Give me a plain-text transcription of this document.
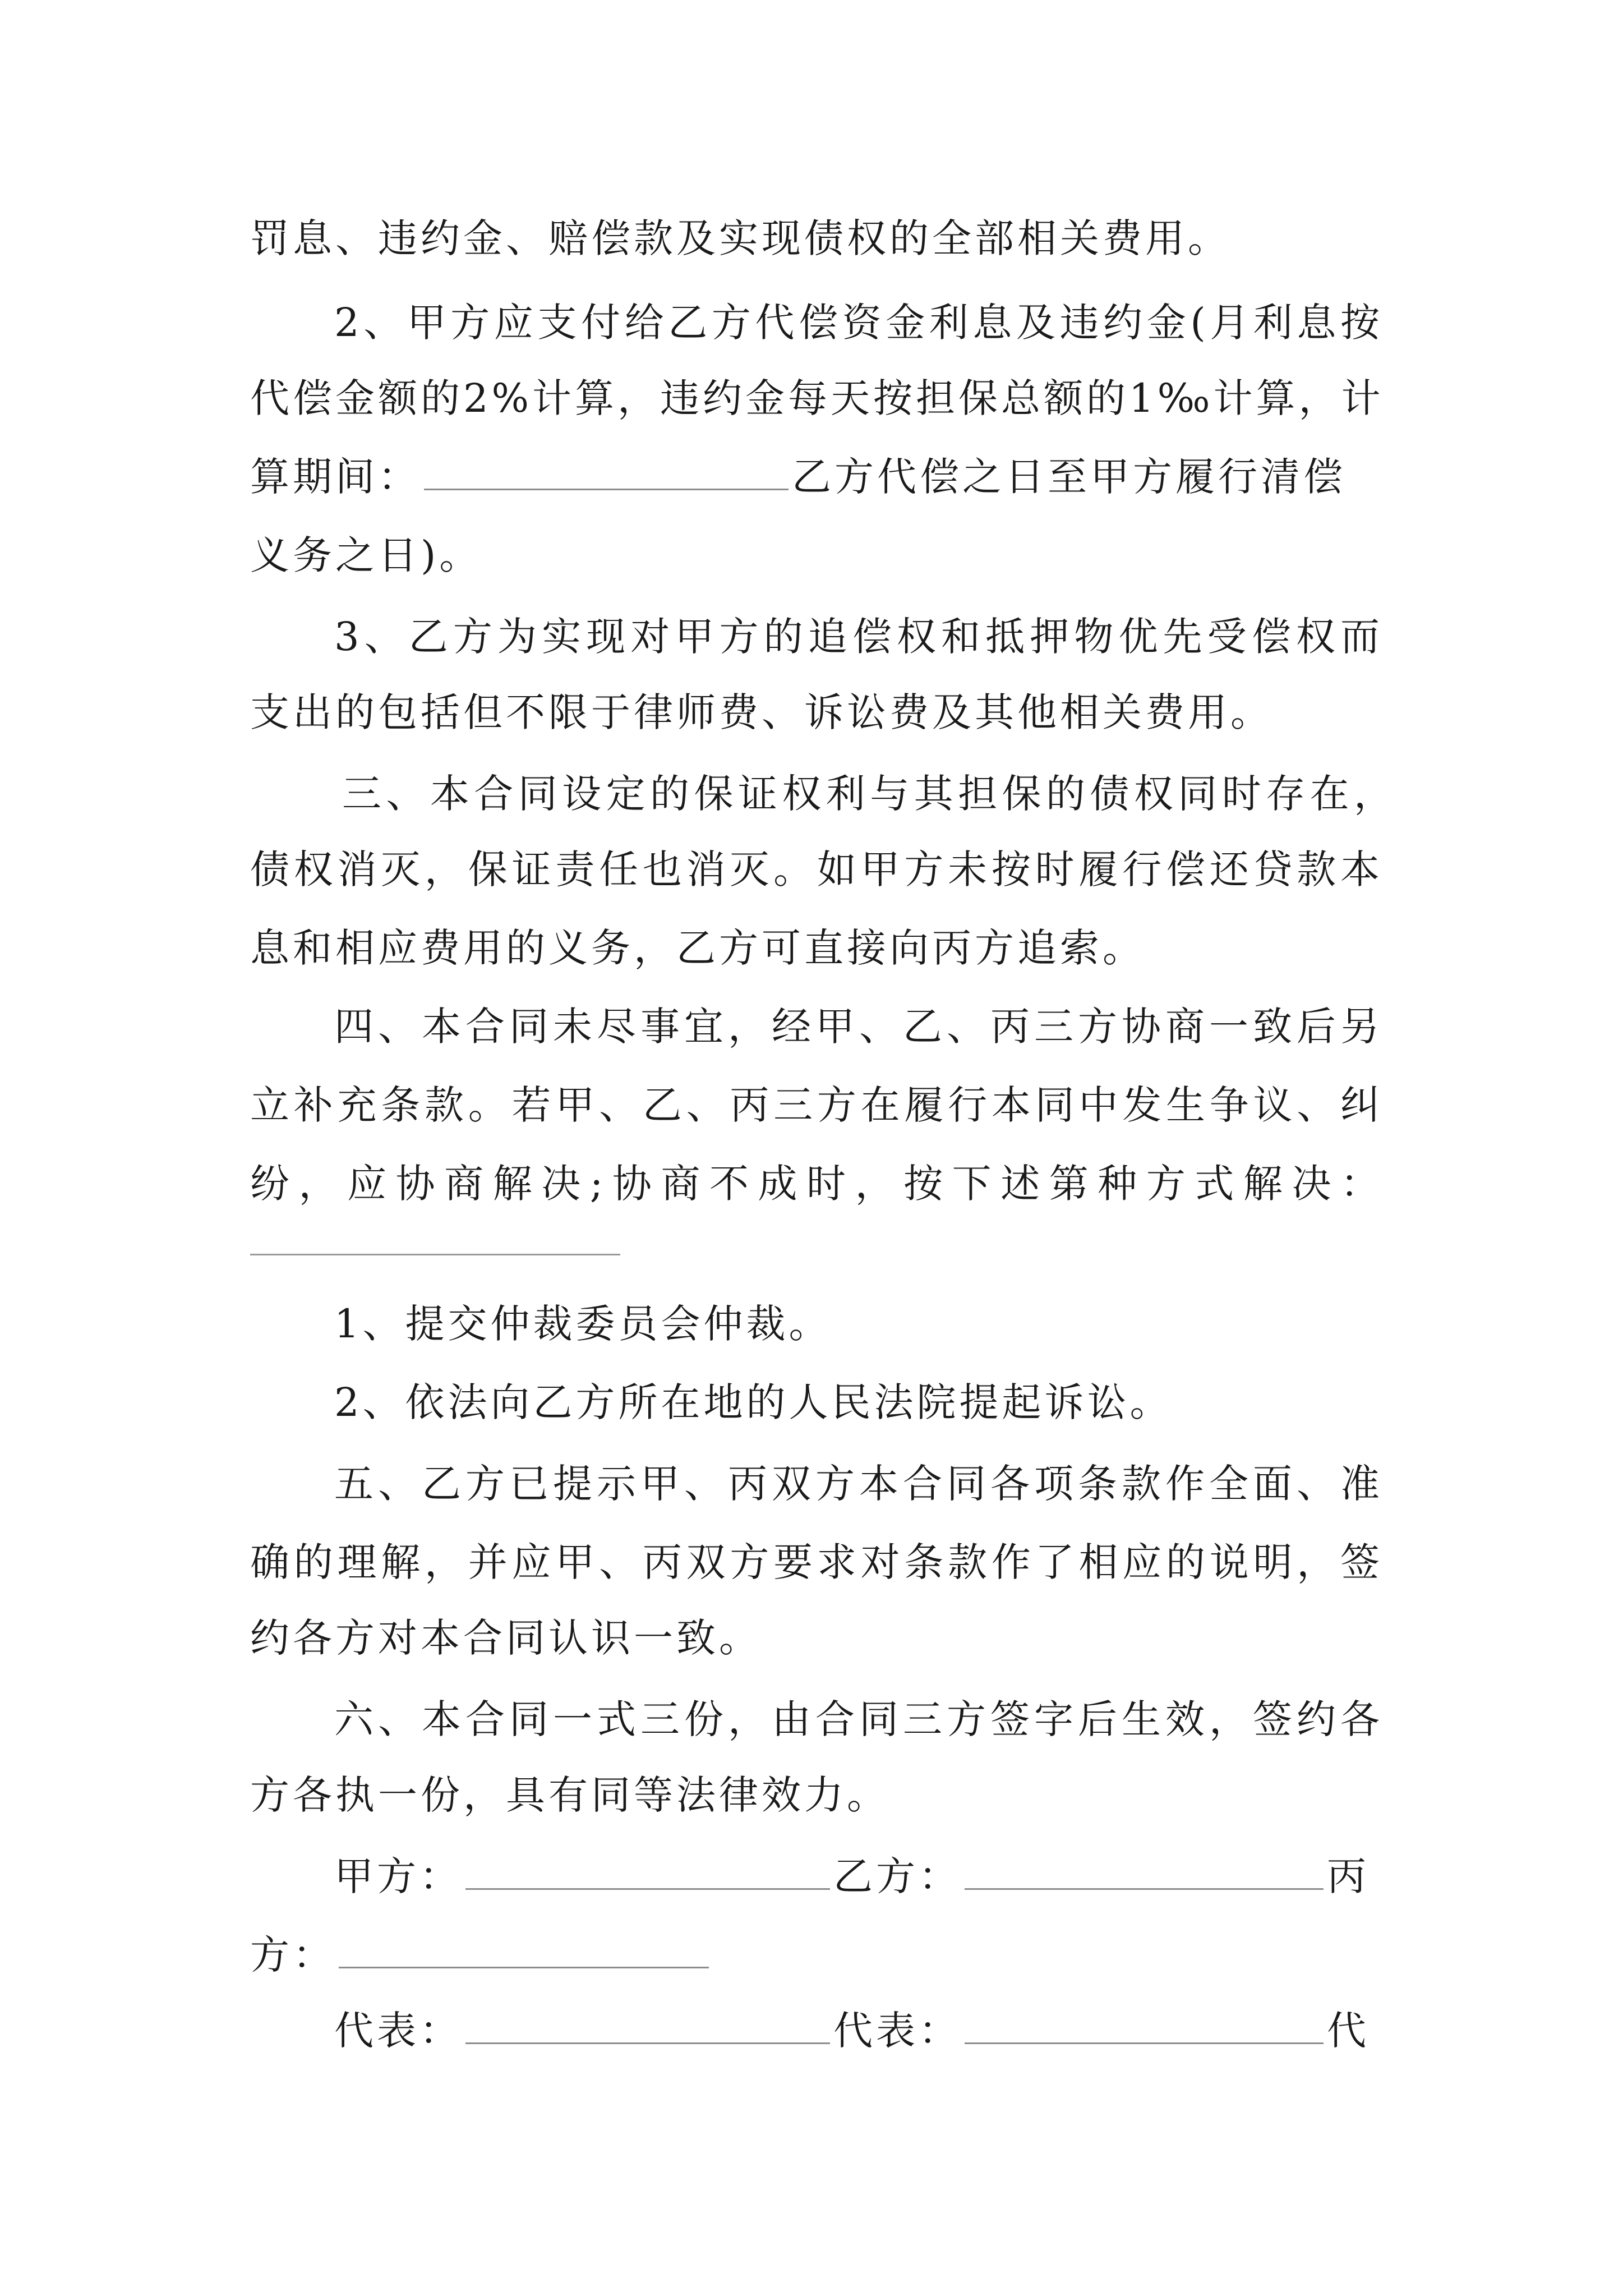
罚息、违约金、赔偿款及实现债权的全部相关费用。
2、甲方应支付给乙方代偿资金利息及违约金(月利息按
代偿金额的2%计算，违约金每天按担保总额的1‰计算，计
算期间：	乙方代偿之日至甲方履行清偿
义务之日)。
3、乙方为实现对甲方的追偿权和抵押物优先受偿权而
支出的包括但不限于律师费、诉讼费及其他相关费用。
三、本合同设定的保证权利与其担保的债权同时存在，
债权消灭，保证责任也消灭。如甲方未按时履行偿还贷款本
息和相应费用的义务，乙方可直接向丙方追索。
四、本合同未尽事宜，经甲、乙、丙三方协商一致后另
立补充条款。若甲、乙、丙三方在履行本同中发生争议、纠
纷，应协商解决;协商不成时，按下述第种方式解决：
1、提交仲裁委员会仲裁。
2、依法向乙方所在地的人民法院提起诉讼。
五、乙方已提示甲、丙双方本合同各项条款作全面、准
确的理解，并应甲、丙双方要求对条款作了相应的说明，签
约各方对本合同认识一致。
六、本合同一式三份，由合同三方签字后生效，签约各
方各执一份，具有同等法律效力。
甲方：	乙方：	丙
方：
代表：	代表：	代
